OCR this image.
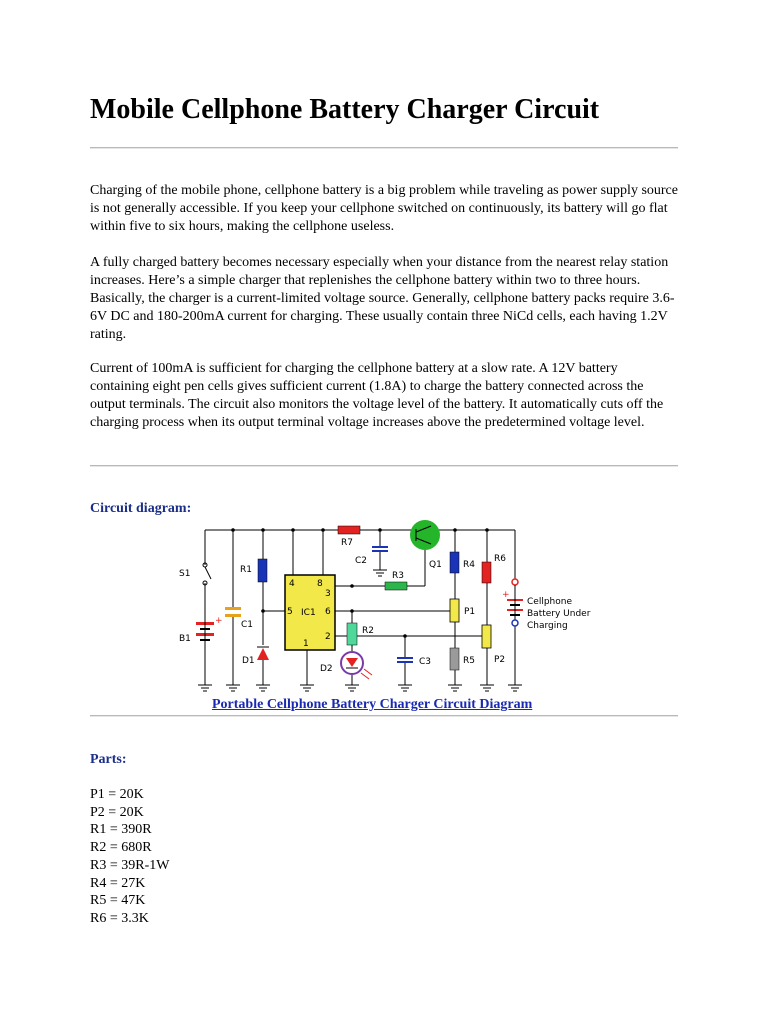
Mobile Cellphone Battery Charger Circuit

Charging of the mobile phone, cellphone battery is a big problem while traveling as power supply source is not generally accessible. If you keep your cellphone switched on continuously, its battery will go flat within five to six hours, making the cellphone useless.

A fully charged battery becomes necessary especially when your distance from the nearest relay station increases. Here’s a simple charger that replenishes the cellphone battery within two to three hours. Basically, the charger is a current-limited voltage source. Generally, cellphone battery packs require 3.6-6V DC and 180-200mA current for charging. These usually contain three NiCd cells, each having 1.2V rating.

Current of 100mA is sufficient for charging the cellphone battery at a slow rate. A 12V battery containing eight pen cells gives sufficient current (1.8A) to charge the battery connected across the output terminals. The circuit also monitors the voltage level of the battery. It automatically cuts off the charging process when its output terminal voltage increases above the predetermined voltage level.

Circuit diagram:

Parts:

P1 = 20K
P2 = 20K
R1 = 390R
R2 = 680R
R3 = 39R-1W
R4 = 27K
R5 = 47K
R6 = 3.3K
S1
B1
+ C1
R1
D1
IC1
4 8
3
5	6
2
1
R7
C2
R3
Q1
R2
D2
C3
R4
P1
R5
R6
P2
+
Cellphone
Battery Under
Charging
Portable Cellphone Battery Charger Circuit Diagram
